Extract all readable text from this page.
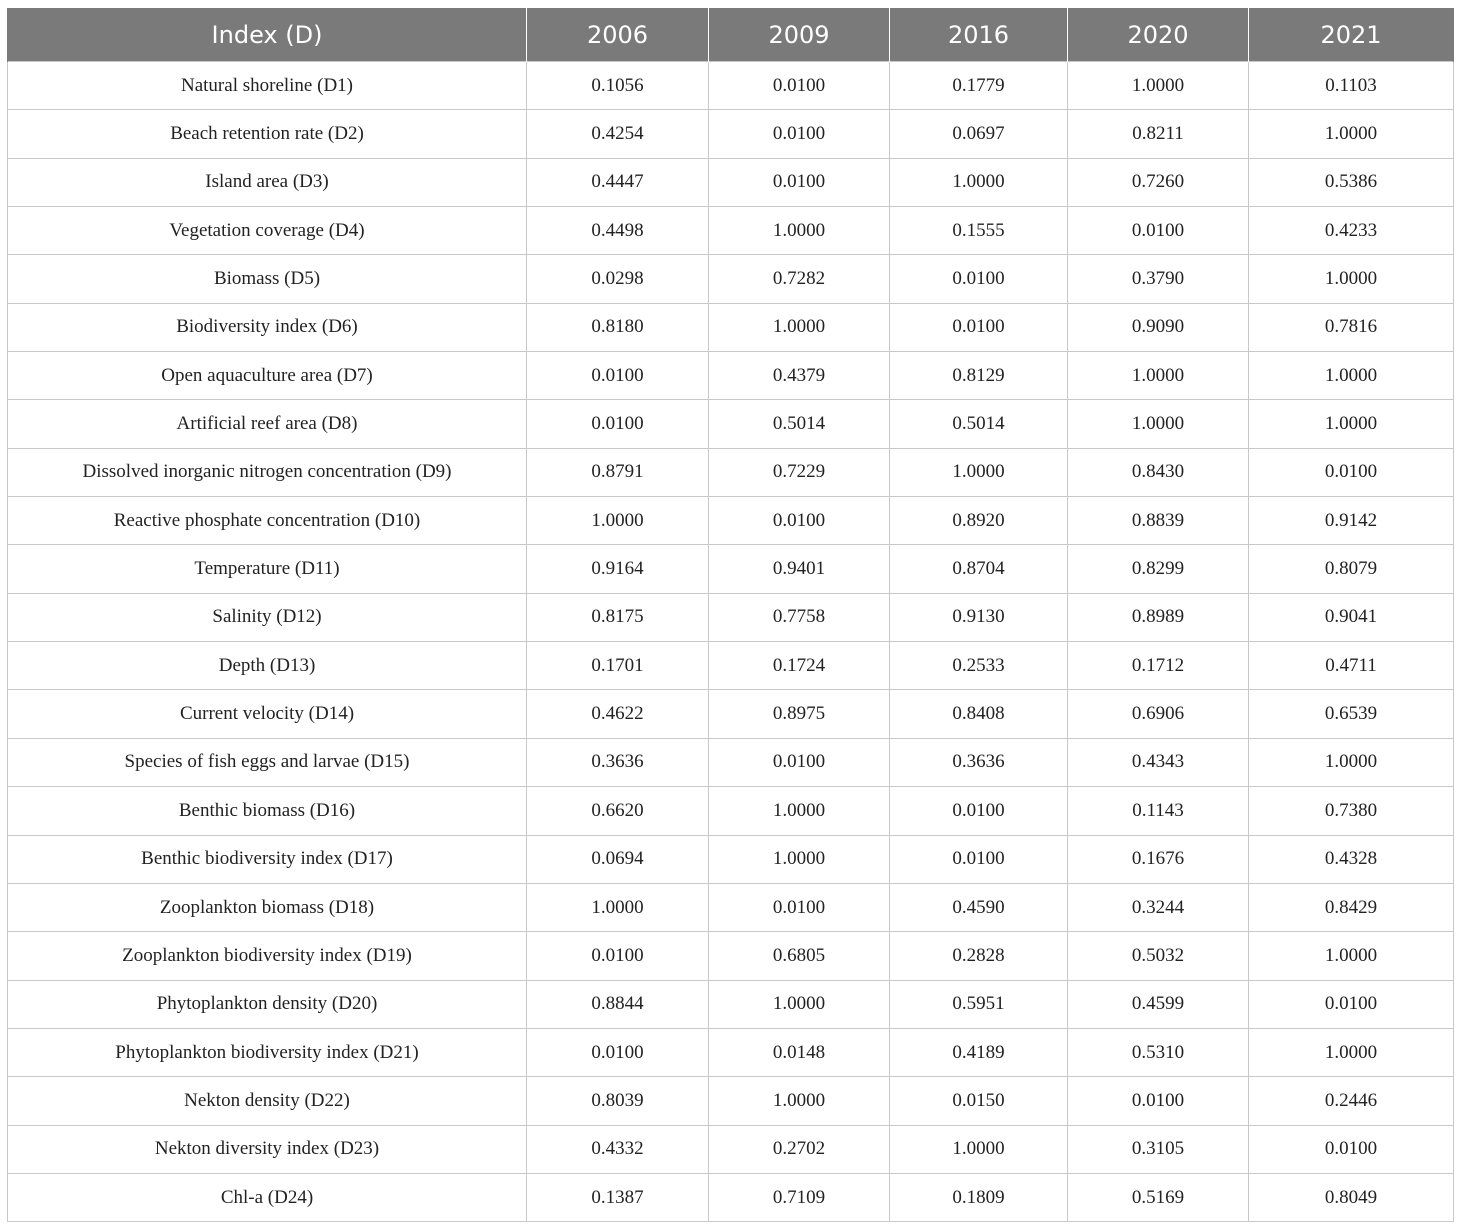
Index (D)	2006	2009	2016	2020	2021
Natural shoreline (D1)	0.1056	0.0100	0.1779	1.0000	0.1103
Beach retention rate (D2)	0.4254	0.0100	0.0697	0.8211	1.0000
Island area (D3)	0.4447	0.0100	1.0000	0.7260	0.5386
Vegetation coverage (D4)	0.4498	1.0000	0.1555	0.0100	0.4233
Biomass (D5)	0.0298	0.7282	0.0100	0.3790	1.0000
Biodiversity index (D6)	0.8180	1.0000	0.0100	0.9090	0.7816
Open aquaculture area (D7)	0.0100	0.4379	0.8129	1.0000	1.0000
Artificial reef area (D8)	0.0100	0.5014	0.5014	1.0000	1.0000
Dissolved inorganic nitrogen concentration (D9)	0.8791	0.7229	1.0000	0.8430	0.0100
Reactive phosphate concentration (D10)	1.0000	0.0100	0.8920	0.8839	0.9142
Temperature (D11)	0.9164	0.9401	0.8704	0.8299	0.8079
Salinity (D12)	0.8175	0.7758	0.9130	0.8989	0.9041
Depth (D13)	0.1701	0.1724	0.2533	0.1712	0.4711
Current velocity (D14)	0.4622	0.8975	0.8408	0.6906	0.6539
Species of fish eggs and larvae (D15)	0.3636	0.0100	0.3636	0.4343	1.0000
Benthic biomass (D16)	0.6620	1.0000	0.0100	0.1143	0.7380
Benthic biodiversity index (D17)	0.0694	1.0000	0.0100	0.1676	0.4328
Zooplankton biomass (D18)	1.0000	0.0100	0.4590	0.3244	0.8429
Zooplankton biodiversity index (D19)	0.0100	0.6805	0.2828	0.5032	1.0000
Phytoplankton density (D20)	0.8844	1.0000	0.5951	0.4599	0.0100
Phytoplankton biodiversity index (D21)	0.0100	0.0148	0.4189	0.5310	1.0000
Nekton density (D22)	0.8039	1.0000	0.0150	0.0100	0.2446
Nekton diversity index (D23)	0.4332	0.2702	1.0000	0.3105	0.0100
Chl-a (D24)	0.1387	0.7109	0.1809	0.5169	0.8049
